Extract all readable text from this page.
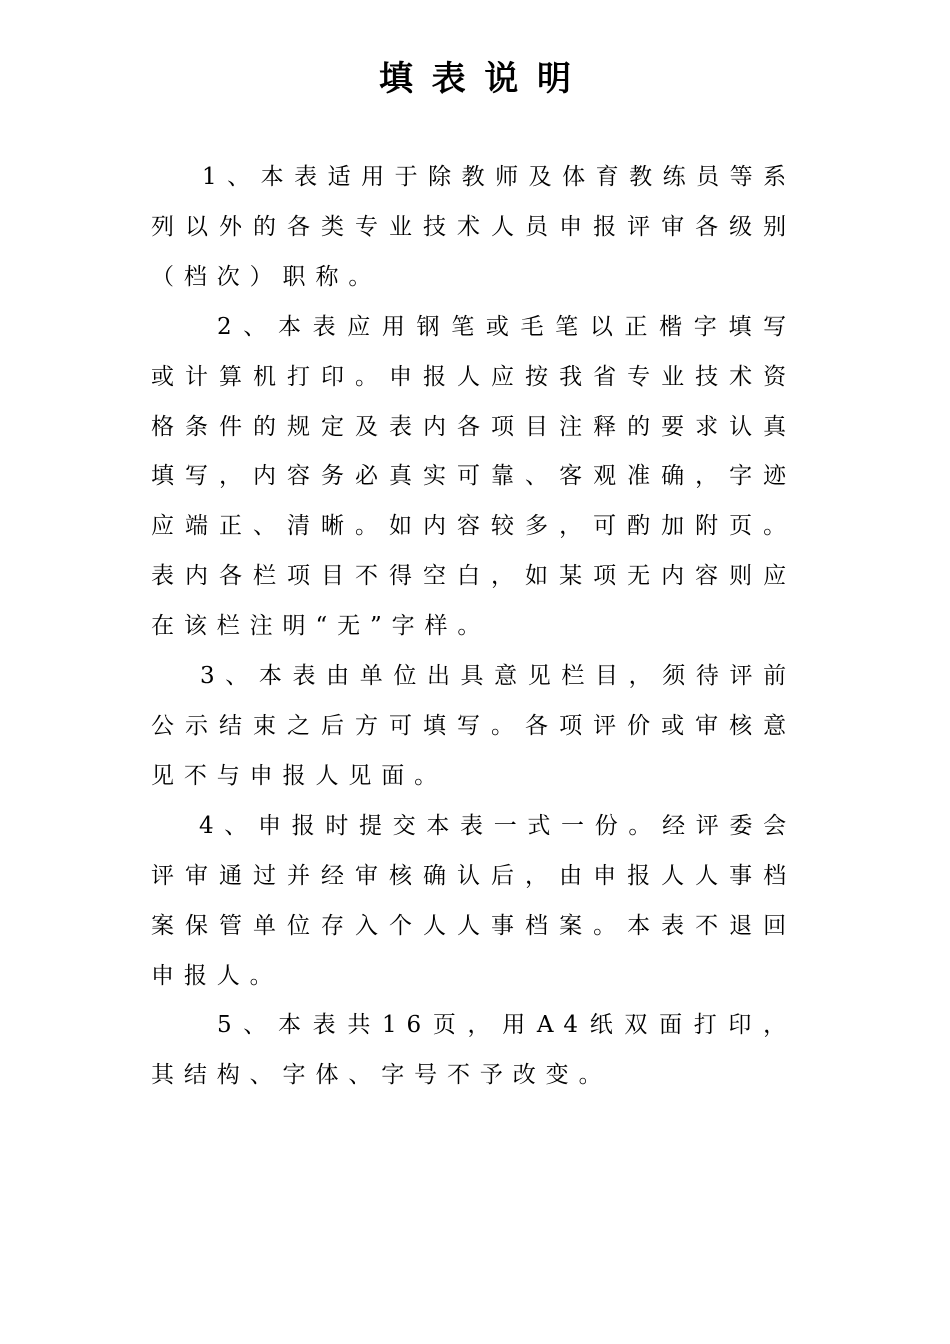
填表说明

1、本表适用于除教师及体育教练员等系列以外的各类专业技术人员申报评审各级别（档次）职称。

2、本表应用钢笔或毛笔以正楷字填写或计算机打印。申报人应按我省专业技术资格条件的规定及表内各项目注释的要求认真填写，内容务必真实可靠、客观准确，字迹应端正、清晰。如内容较多，可酌加附页。表内各栏项目不得空白，如某项无内容则应在该栏注明“无”字样。

3、本表由单位出具意见栏目，须待评前公示结束之后方可填写。各项评价或审核意见不与申报人见面。

4、申报时提交本表一式一份。经评委会评审通过并经审核确认后，由申报人人事档案保管单位存入个人人事档案。本表不退回申报人。

5、本表共16页，用A4纸双面打印，其结构、字体、字号不予改变。
